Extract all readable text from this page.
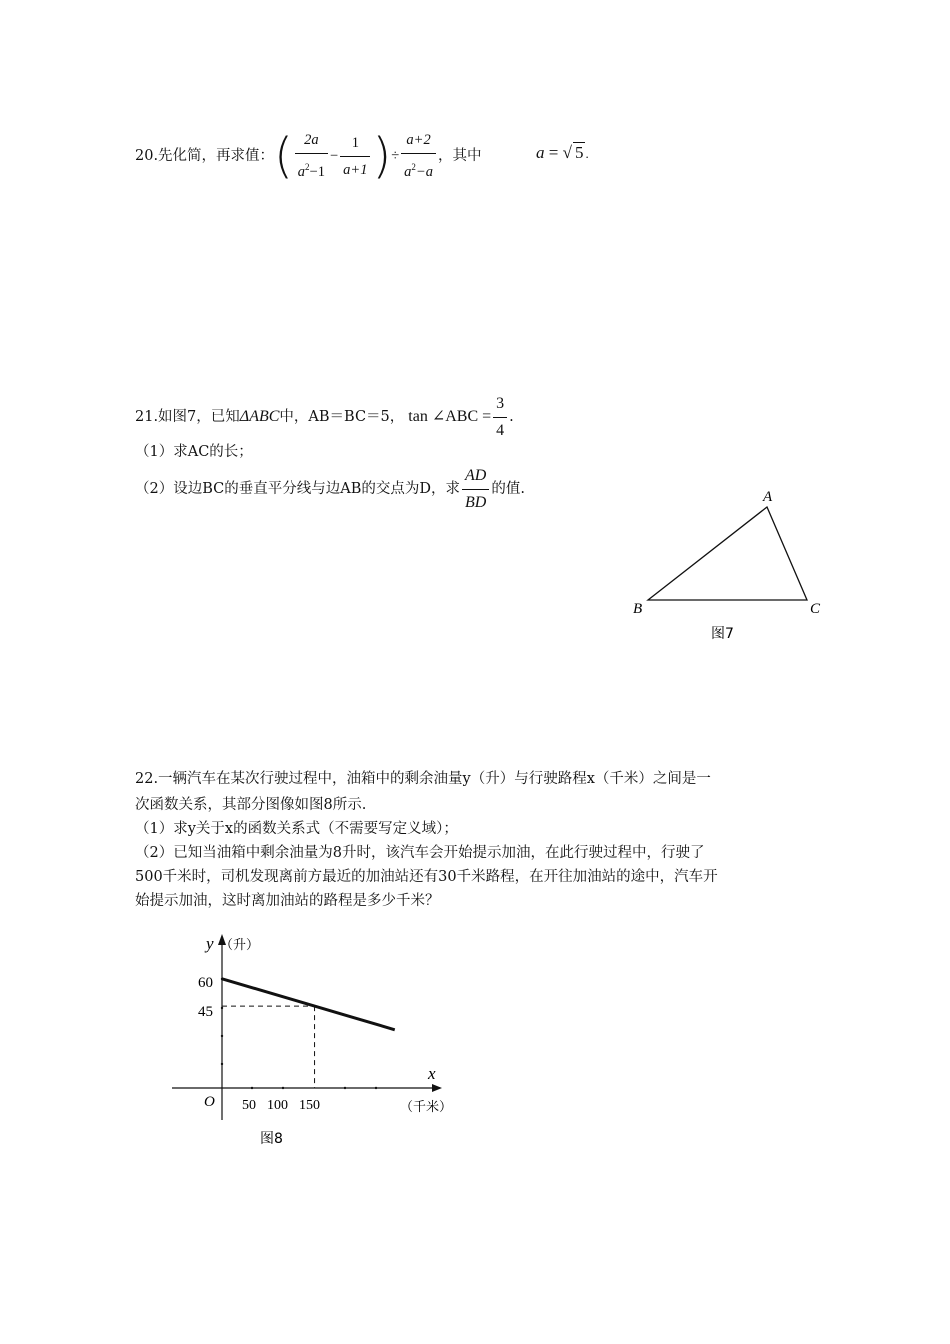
20.先化简，再求值： ( $\frac{2a}{a^2-1} - \frac{1}{a+1}$ ) ÷ $\frac{a+2}{a^2-a}$ ，其中	a = √ 5 .
21.如图7，已知 ΔABC 中，AB＝BC＝5， tan ∠ABC = $\frac{3}{4}$ .
（1）求AC的长；
（2）设边BC的垂直平分线与边AB的交点为D，求 $\frac{AD}{BD}$ 的值.	A
B	C
图7
22.一辆汽车在某次行驶过程中，油箱中的剩余油量y（升）与行驶路程x（千米）之间是一
次函数关系，其部分图像如图8所示.
（1）求y关于x的函数关系式（不需要写定义域）；
（2）已知当油箱中剩余油量为8升时，该汽车会开始提示加油，在此行驶过程中，行驶了
500千米时，司机发现离前方最近的加油站还有30千米路程，在开往加油站的途中，汽车开
始提示加油，这时离加油站的路程是多少千米？
y （升）
60
45
x
O 50 100 150	（千米）
图8
